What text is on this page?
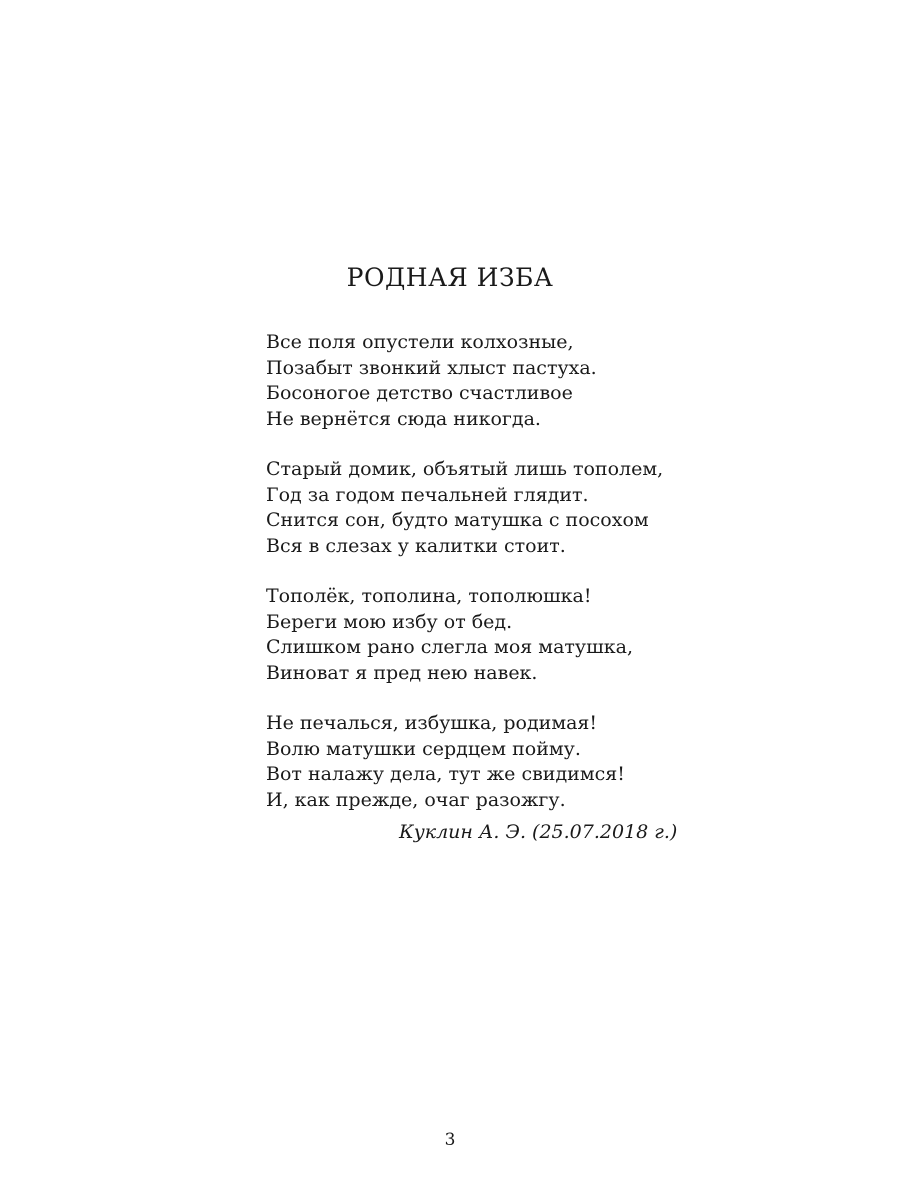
РОДНАЯ ИЗБА
Все поля опустели колхозные,
Позабыт звонкий хлыст пастуха.
Босоногое детство счастливое
Не вернётся сюда никогда.
Старый домик, объятый лишь тополем,
Год за годом печальней глядит.
Снится сон, будто матушка с посохом
Вся в слезах у калитки стоит.
Тополёк, тополина, тополюшка!
Береги мою избу от бед.
Слишком рано слегла моя матушка,
Виноват я пред нею навек.
Не печалься, избушка, родимая!
Волю матушки сердцем пойму.
Вот налажу дела, тут же свидимся!
И, как прежде, очаг разожгу.
Куклин А. Э. (25.07.2018 г.)
3
